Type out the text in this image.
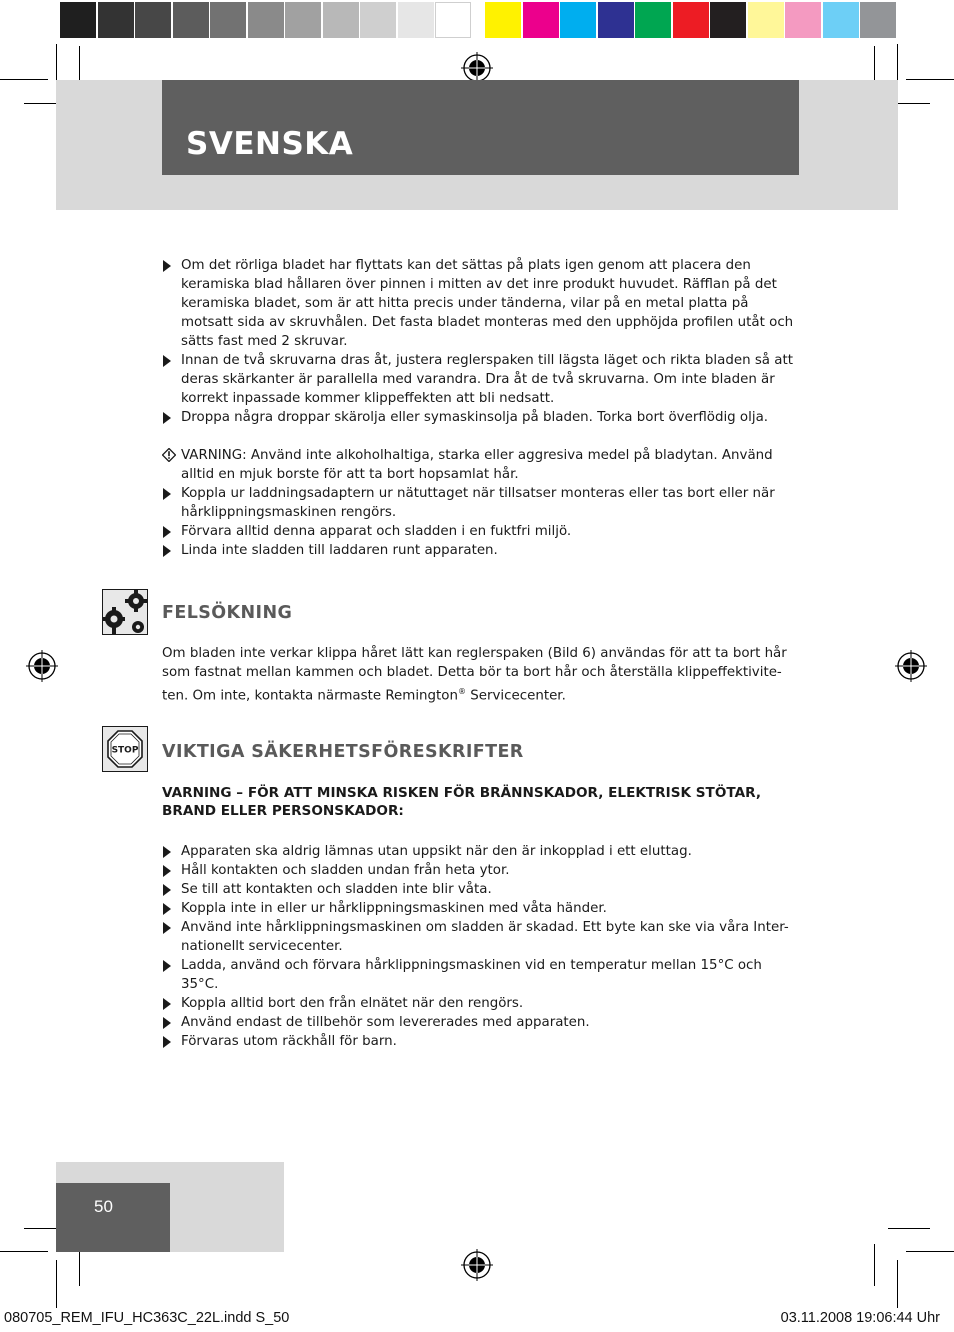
SVENSKA
Om det rörliga bladet har flyttats kan det sättas på plats igen genom att placera den keramiska blad hållaren över pinnen i mitten av det inre produkt huvudet. Räfflan på det keramiska bladet, som är att hitta precis under tänderna, vilar på en metal platta på motsatt sida av skruvhålen. Det fasta bladet monteras med den upphöjda profilen utåt och sätts fast med 2 skruvar.
Innan de två skruvarna dras åt, justera reglerspaken till lägsta läget och rikta bladen så att deras skärkanter är parallella med varandra. Dra åt de två skruvarna. Om inte bladen är korrekt inpassade kommer klippeffekten att bli nedsatt.
Droppa några droppar skärolja eller symaskinsolja på bladen. Torka bort överflödig olja.
VARNING: Använd inte alkoholhaltiga, starka eller aggresiva medel på bladytan. Använd alltid en mjuk borste för att ta bort hopsamlat hår.
Koppla ur laddningsadaptern ur nätuttaget när tillsatser monteras eller tas bort eller när hårklippningsmaskinen rengörs.
Förvara alltid denna apparat och sladden i en fuktfri miljö.
Linda inte sladden till laddaren runt apparaten.
FELSÖKNING
Om bladen inte verkar klippa håret lätt kan reglerspaken (Bild 6) användas för att ta bort hår som fastnat mellan kammen och bladet. Detta bör ta bort hår och återställa klippeffektivite-ten. Om inte, kontakta närmaste Remington® Servicecenter.
STOP VIKTIGA SÄKERHETSFÖRESKRIFTER
VARNING – FÖR ATT MINSKA RISKEN FÖR BRÄNNSKADOR, ELEKTRISK STÖTAR, BRAND ELLER PERSONSKADOR:
Apparaten ska aldrig lämnas utan uppsikt när den är inkopplad i ett eluttag.
Håll kontakten och sladden undan från heta ytor.
Se till att kontakten och sladden inte blir våta.
Koppla inte in eller ur hårklippningsmaskinen med våta händer.
Använd inte hårklippningsmaskinen om sladden är skadad. Ett byte kan ske via våra Inter-nationellt servicecenter.
Ladda, använd och förvara hårklippningsmaskinen vid en temperatur mellan 15°C och 35°C.
Koppla alltid bort den från elnätet när den rengörs.
Använd endast de tillbehör som levererades med apparaten.
Förvaras utom räckhåll för barn.
50
080705_REM_IFU_HC363C_22L.indd S_50	03.11.2008 19:06:44 Uhr
